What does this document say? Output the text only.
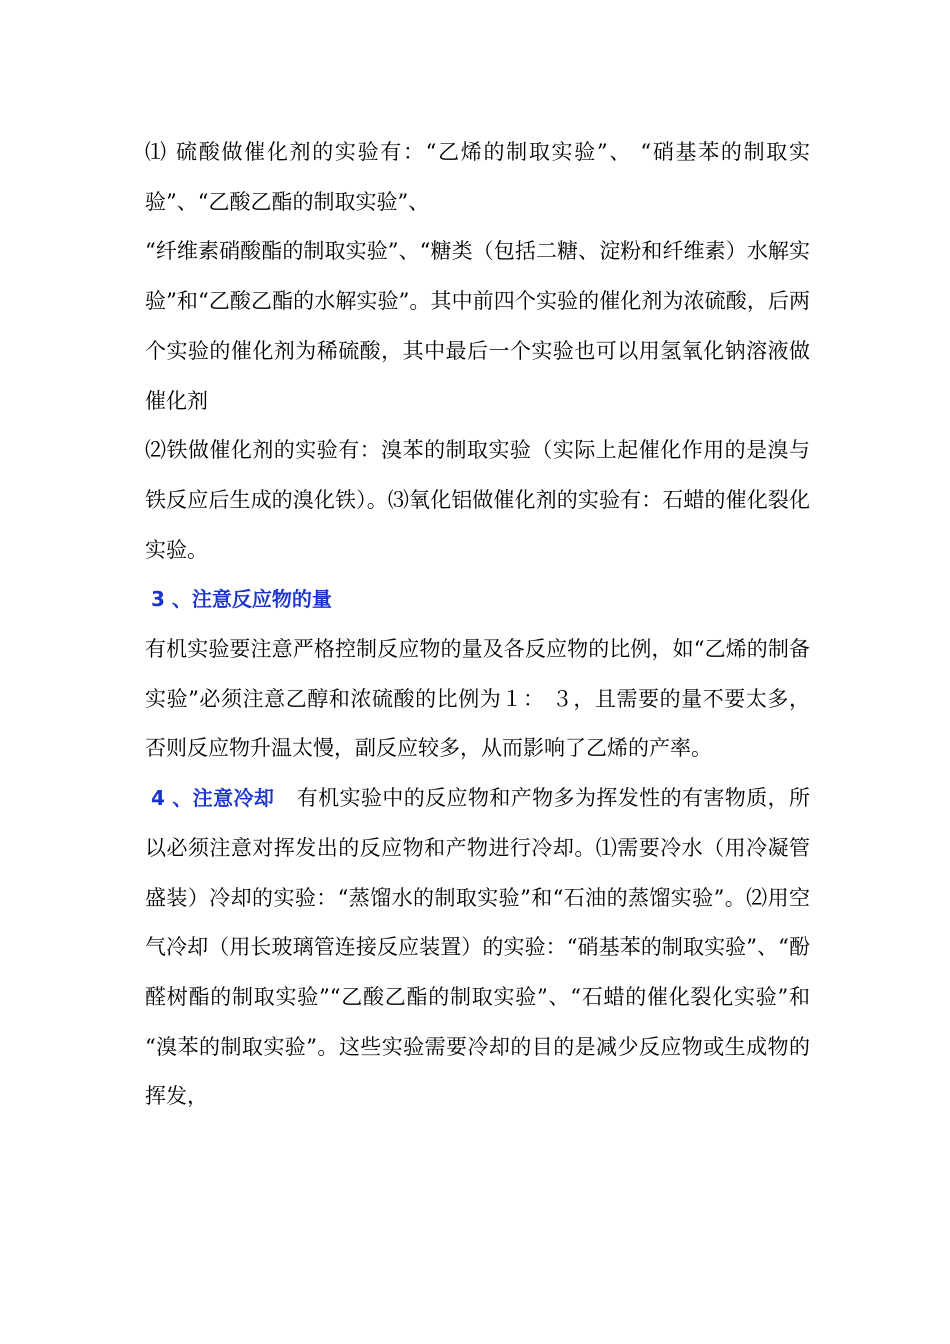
⑴ 硫酸做催化剂的实验有：“乙烯的制取实验”、 “硝基苯的制取实验”、“乙酸乙酯的制取实验”、

“纤维素硝酸酯的制取实验”、“糖类（包括二糖、淀粉和纤维素）水解实验”和“乙酸乙酯的水解实验”。其中前四个实验的催化剂为浓硫酸，后两个实验的催化剂为稀硫酸，其中最后一个实验也可以用氢氧化钠溶液做催化剂

⑵铁做催化剂的实验有：溴苯的制取实验（实际上起催化作用的是溴与铁反应后生成的溴化铁）。⑶氧化铝做催化剂的实验有：石蜡的催化裂化实验。

3 、注意反应物的量

有机实验要注意严格控制反应物的量及各反应物的比例，如“乙烯的制备实验”必须注意乙醇和浓硫酸的比例为１： ３，且需要的量不要太多，否则反应物升温太慢，副反应较多，从而影响了乙烯的产率。

4 、注意冷却 有机实验中的反应物和产物多为挥发性的有害物质，所以必须注意对挥发出的反应物和产物进行冷却。⑴需要冷水（用冷凝管盛装）冷却的实验：“蒸馏水的制取实验”和“石油的蒸馏实验”。⑵用空气冷却（用长玻璃管连接反应装置）的实验：“硝基苯的制取实验”、“酚醛树酯的制取实验”“乙酸乙酯的制取实验”、“石蜡的催化裂化实验”和 “溴苯的制取实验”。这些实验需要冷却的目的是减少反应物或生成物的挥发，
